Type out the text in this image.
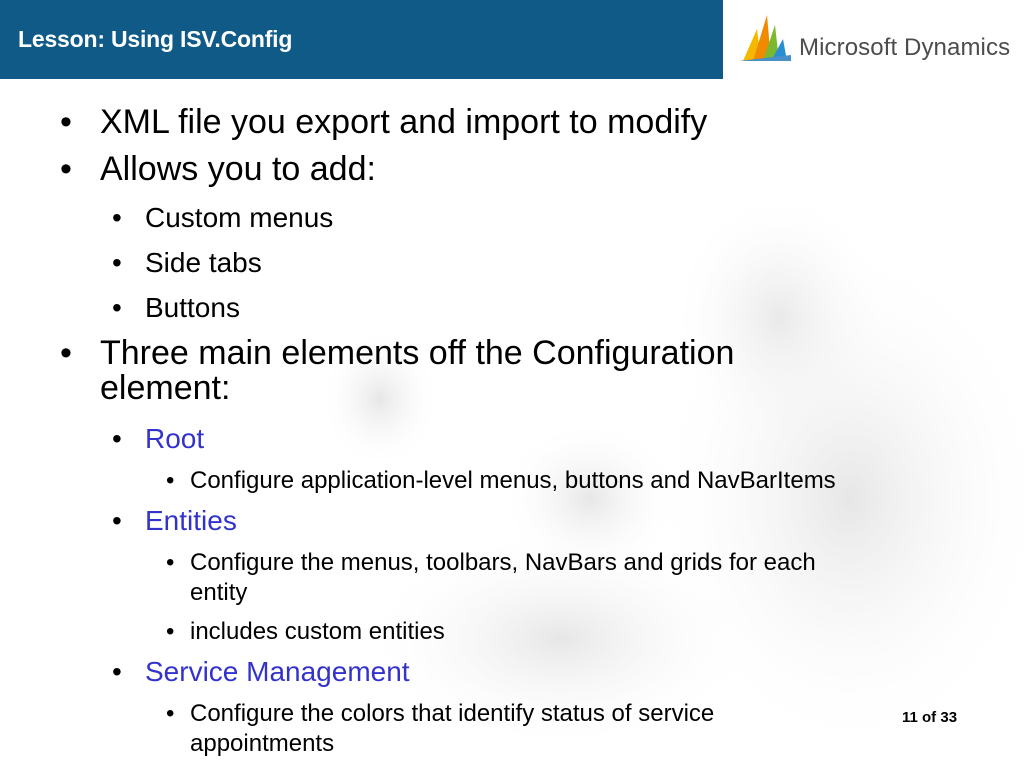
Lesson: Using ISV.Config	Microsoft Dynamics
• XML file you export and import to modify
• Allows you to add:
• Custom menus
• Side tabs
• Buttons
• Three main elements off the Configuration
element:
• Root
• Configure application-level menus, buttons and NavBarItems
• Entities
• Configure the menus, toolbars, NavBars and grids for each
entity
• includes custom entities
• Service Management
• Configure the colors that identify status of service
appointments
11 of 33
